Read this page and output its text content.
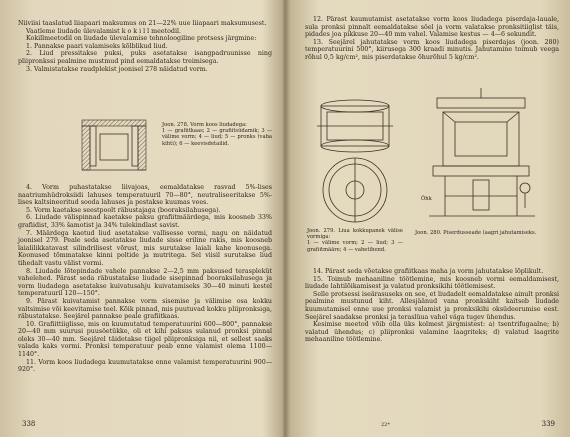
Niiviisi taaslatud liiapaari maksumus on 21—22% uue liiapaari maksumusest.

Vaatleme liudade ülevalamist k o k i l l meetodil.

Kokillmeetodil on liudade ülevalamise tehnoloogiline protsess järgmine:

1. Pannakse paari valamiseks kõlblikud liud.

2. Liud pressitakse puksi, puks asetatakse isangpadruunisse ning pliipronkssi pealmine mustmud pind eemaldatakse treimisega.

3. Valmistatakse raudplekist joonisel 278 näidatud vorm.

Joon. 278. Vorm koos liudadega:

1 — grafiitkaas; 2 — grafiitsüdamik; 3 — välime vorm; 4 — liud; 5 — pronks (vaba kihti); 6 — keevisdetailid.

4. Vorm puhastatakse liivajoas, eemaldatakse rasvad 5%-lises naatriumhüdroksiidi lahuses temperatuuril 70—80°, neutraliseeritakse 5%-lises kaltsineeritud sooda lahuses ja pestakse kuumas vees.

5. Vorm kaetakse seestpoolt räbustajaga (booraksilahusega).

6. Liudade välispinnad kaetakse paksu grafiitmäärdega, mis koosneb 33% grafiidist, 33% šamotist ja 34% tulekindlast savist.

7. Määrdega kaetud liud asetatakse vallisesse vormi, nagu on näidatud joonisel 279. Peale seda asetatakse liudade sisse eriline rakis, mis koosneb laialilikkatavast silindrilisest võrust, mis surutakse laiali kahe koonusega. Koonused tõmmatakse kinni poltide ja mutritega. Sel viisil surutakse liud tihedalt vastu välist vormi.

8. Liudade lõtepindade vahele pannakse 2—2,5 mm paksused teraspleküt vahelehed. Pärast seda räbustatakse liudade sisepinnad booraksilahusega ja vorm liudadega asetatakse kuivatusahju kuivatamiseks 30—40 minuti kestel temperatuuril 120—150°.

9. Pärast kuivatamist pannakse vorm sisemise ja välimise osa kokku valtsimise või keevitamise teel. Kõik pinnad, mis puutuvad kokku pliipronksiga, räbustatakse. Seejärel pannakse peale grafiitkaas.

10. Grafiittiiglisse, mis on kuumutatud temperatuurini 600—800°, pannakse 20—40 mm suurusi puusöetükke, oli et kihi paksus sulanud pronksi pinnal oleks 30—40 mm. Seejärel täidetakse tiigel pliipronksiga nii, et sellest saaks valada kaks vormi. Pronksi temperatuur peab enne valamist olema 1100—1140°.

11. Vorm koos liudadega kuumutatakse enne valamist temperatuurini 900—920°.

338

12. Pärast kuumutamist asetatakse vorm koos liudadega piserdaja-lauale, sula pronksi pinnalt eemaldatakse söel ja vorm valatakse pronksitiiglist täis, pidades joa pikkuse 20—40 mm vahel. Valamise kestus — 4—6 sekundit.

13. Seejärel jahutatakse vorm koos liudadega piserdajas (joon. 280) temperatuurini 500°, kiirusega 300 kraadi minutis. Jahutamine toimub veega rõhul 0,5 kg/cm², mis piserdatakse õhurõhul 5 kg/cm².

Joon. 279. Liua kokkupanek välise vormiga:

1 — välime vorm; 2 — liud; 3 — grafiitmääre; 4 — vahetihend.

Öhk

Joon. 280. Piserdusseade (aagri jahutamiseks.

14. Pärast seda võetakse grafiitkaas maha ja vorm jahutatakse lõplikult.

15. Toimub mehaaniline töötlemine, mis koosneb vormi eemaldamisest, liudade lahtilõikamisest ja valatud pronksikihi töötlemisest.

Selle protsessi iseärasuseks on see, et liudadelt eemaldatakse ainult pronksi pealmine mustunud kiht. Allesjäänud vana pronkskiht kaitseb liudade kuumutamisel enne uue pronksi valamist ja pronksikihi oksüdeerumise eest. Seejärel saadakse pronksi ja teraslüua vahel väga tugev ühendus.

Kesimise meetod võib olla üks kolmest järgmistest: a) tsentrifugaalne; b) valatud ühendus; c) pliipronksi valamine laagriteks; d) valatud laagrite mehaaniline töötlemine.

22*	339
